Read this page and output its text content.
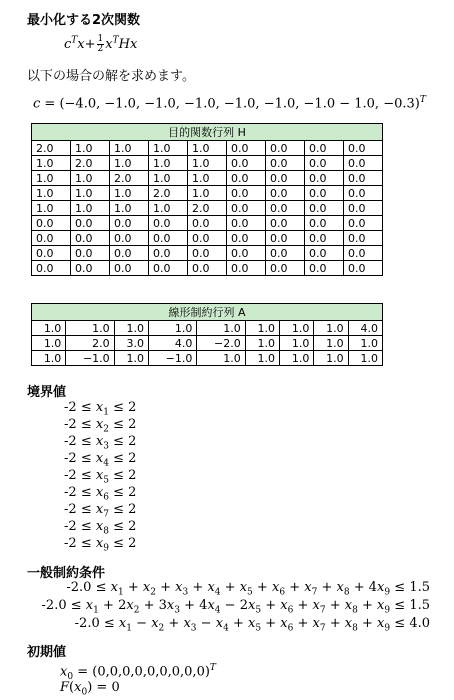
最小化する2次関数
$c^Tx+ \frac{1}{2} x^THx$
以下の場合の解を求めます。
c = (−4.0, −1.0, −1.0, −1.0, −1.0, −1.0, −1.0 − 1.0, −0.3)$^T$
目的関数行列 H								
2.0	1.0	1.0	1.0	1.0	0.0	0.0	0.0	0.0
1.0	2.0	1.0	1.0	1.0	0.0	0.0	0.0	0.0
1.0	1.0	2.0	1.0	1.0	0.0	0.0	0.0	0.0
1.0	1.0	1.0	2.0	1.0	0.0	0.0	0.0	0.0
1.0	1.0	1.0	1.0	2.0	0.0	0.0	0.0	0.0
0.0	0.0	0.0	0.0	0.0	0.0	0.0	0.0	0.0
0.0	0.0	0.0	0.0	0.0	0.0	0.0	0.0	0.0
0.0	0.0	0.0	0.0	0.0	0.0	0.0	0.0	0.0
0.0	0.0	0.0	0.0	0.0	0.0	0.0	0.0	0.0
線形制約行列 A								
1.0	1.0	1.0	1.0	1.0	1.0	1.0	1.0	4.0
1.0	2.0	3.0	4.0	−2.0	1.0	1.0	1.0	1.0
1.0	−1.0	1.0	−1.0	1.0	1.0	1.0	1.0	1.0
境界値
$-2 \le x_1 \le 2$
$-2 \le x_2 \le 2$
$-2 \le x_3 \le 2$
$-2 \le x_4 \le 2$
$-2 \le x_5 \le 2$
$-2 \le x_6 \le 2$
$-2 \le x_7 \le 2$
$-2 \le x_8 \le 2$
$-2 \le x_9 \le 2$
一般制約条件
$-2.0 \le x_1 + x_2 + x_3 + x_4 + x_5 + x_6 + x_7 + x_8 + 4x_9 \le 1.5$
$-2.0 \le x_1 + 2x_2 + 3x_3 + 4x_4 - 2x_5 + x_6 + x_7 + x_8 + x_9 \le 1.5$
$-2.0 \le x_1 - x_2 + x_3 - x_4 + x_5 + x_6 + x_7 + x_8 + x_9 \le 4.0$
初期値
$x_0 = (0,0,0,0,0,0,0,0,0)^T$
$F(x_0) = 0$
